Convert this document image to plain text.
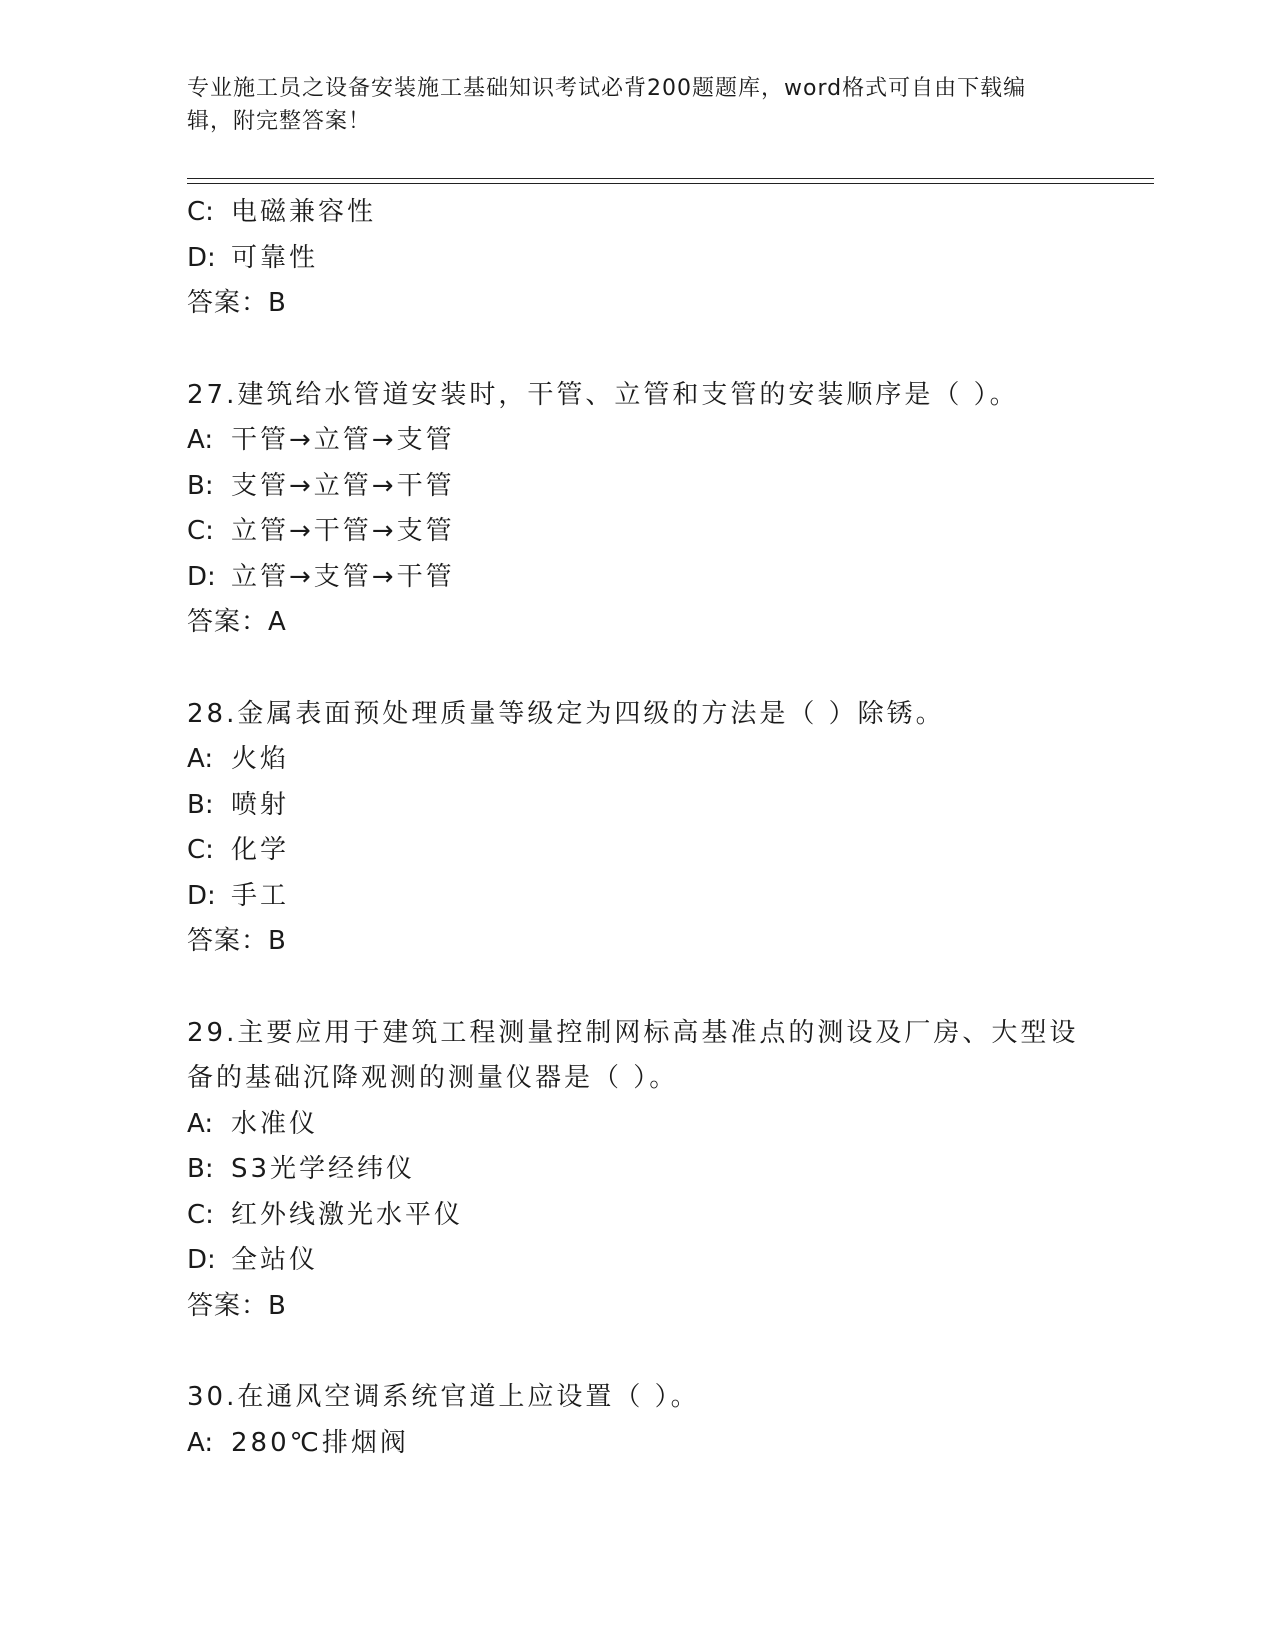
专业施工员之设备安装施工基础知识考试必背200题题库，word格式可自由下载编辑，附完整答案！
C: 电磁兼容性
D: 可靠性
答案：B
27.建筑给水管道安装时，干管、立管和支管的安装顺序是（ ）。
A: 干管→立管→支管
B: 支管→立管→干管
C: 立管→干管→支管
D: 立管→支管→干管
答案：A
28.金属表面预处理质量等级定为四级的方法是（ ）除锈。
A: 火焰
B: 喷射
C: 化学
D: 手工
答案：B
29.主要应用于建筑工程测量控制网标高基准点的测设及厂房、大型设备的基础沉降观测的测量仪器是（ ）。
A: 水准仪
B: S3光学经纬仪
C: 红外线激光水平仪
D: 全站仪
答案：B
30.在通风空调系统官道上应设置（ ）。
A: 280℃排烟阀
